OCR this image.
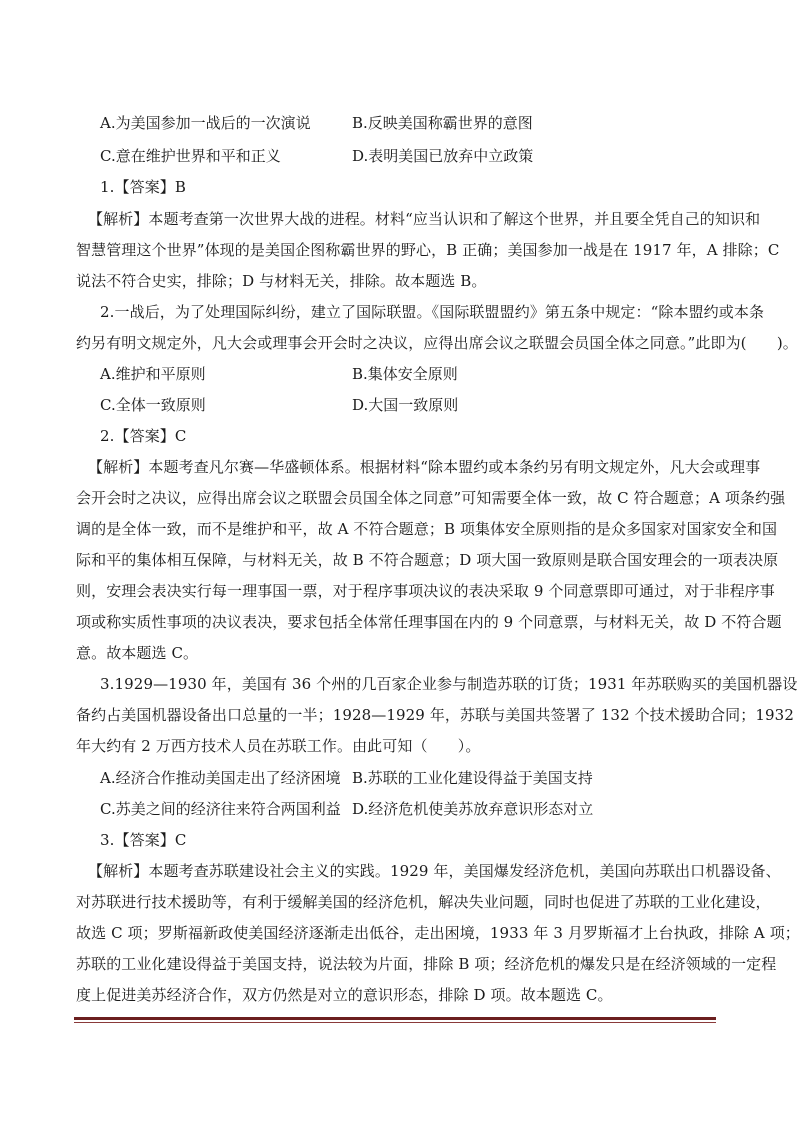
A.为美国参加一战后的一次演说	B.反映美国称霸世界的意图
C.意在维护世界和平和正义	D.表明美国已放弃中立政策
1.【答案】B
【解析】本题考查第一次世界大战的进程。材料“应当认识和了解这个世界，并且要全凭自己的知识和
智慧管理这个世界”体现的是美国企图称霸世界的野心，B 正确；美国参加一战是在 1917 年，A 排除；C
说法不符合史实，排除；D 与材料无关，排除。故本题选 B。
2.一战后，为了处理国际纠纷，建立了国际联盟。《国际联盟盟约》第五条中规定：“除本盟约或本条
约另有明文规定外，凡大会或理事会开会时之决议，应得出席会议之联盟会员国全体之同意。”此即为(　　)。
A.维护和平原则	B.集体安全原则
C.全体一致原则	D.大国一致原则
2.【答案】C
【解析】本题考查凡尔赛—华盛顿体系。根据材料“除本盟约或本条约另有明文规定外，凡大会或理事
会开会时之决议，应得出席会议之联盟会员国全体之同意”可知需要全体一致，故 C 符合题意；A 项条约强
调的是全体一致，而不是维护和平，故 A 不符合题意；B 项集体安全原则指的是众多国家对国家安全和国
际和平的集体相互保障，与材料无关，故 B 不符合题意；D 项大国一致原则是联合国安理会的一项表决原
则，安理会表决实行每一理事国一票，对于程序事项决议的表决采取 9 个同意票即可通过，对于非程序事
项或称实质性事项的决议表决，要求包括全体常任理事国在内的 9 个同意票，与材料无关，故 D 不符合题
意。故本题选 C。
3.1929—1930 年，美国有 36 个州的几百家企业参与制造苏联的订货；1931 年苏联购买的美国机器设
备约占美国机器设备出口总量的一半；1928—1929 年，苏联与美国共签署了 132 个技术援助合同；1932
年大约有 2 万西方技术人员在苏联工作。由此可知（　　）。
A.经济合作推动美国走出了经济困境 B.苏联的工业化建设得益于美国支持
C.苏美之间的经济往来符合两国利益 D.经济危机使美苏放弃意识形态对立
3.【答案】C
【解析】本题考查苏联建设社会主义的实践。1929 年，美国爆发经济危机，美国向苏联出口机器设备、
对苏联进行技术援助等，有利于缓解美国的经济危机，解决失业问题，同时也促进了苏联的工业化建设，
故选 C 项；罗斯福新政使美国经济逐渐走出低谷，走出困境，1933 年 3 月罗斯福才上台执政，排除 A 项；
苏联的工业化建设得益于美国支持，说法较为片面，排除 B 项；经济危机的爆发只是在经济领域的一定程
度上促进美苏经济合作，双方仍然是对立的意识形态，排除 D 项。故本题选 C。
